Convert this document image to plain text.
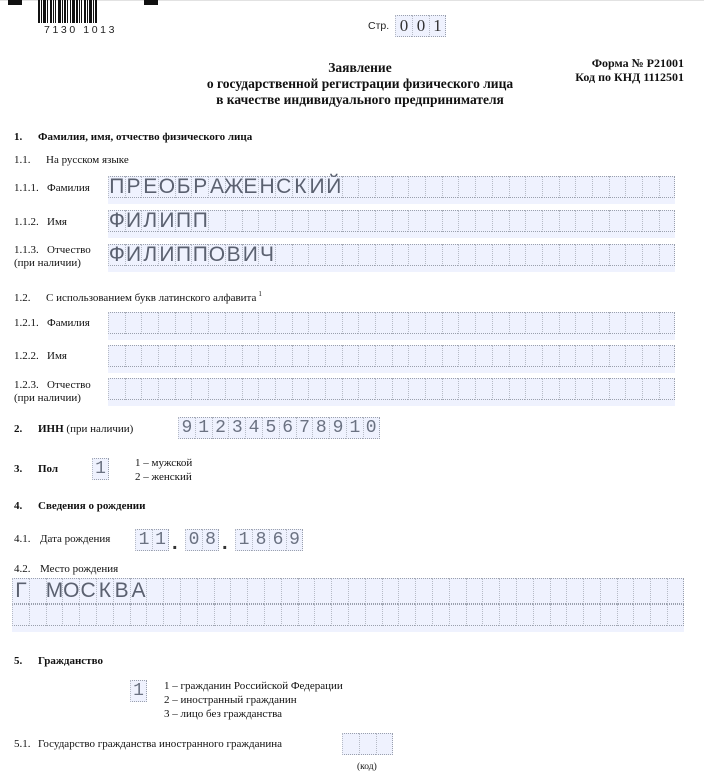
7130 1013	Стр. 0 0 1
Заявление
о государственной регистрации физического лица
в качестве индивидуального предпринимателя
Форма № Р21001
Код по КНД 1112501
1. Фамилия, имя, отчество физического лица
1.1. На русском языке
1.1.1. Фамилия П Р Е О Б Р А Ж Е Н С К И Й
1.1.2. Имя Ф И Л И П П
1.1.3. Отчество
(при наличии) Ф И Л И П П О В И Ч
1.2. С использованием букв латинского алфавита $^1$
1.2.1. Фамилия
1.2.2. Имя
1.2.3. Отчество
(при наличии)
2. ИНН (при наличии)	9 1 2 3 4 5 6 7 8 9 1 0
3. Пол 1	1 – мужской
2 – женский
4. Сведения о рождении
4.1. Дата рождения 1 1 . 0 8 . 1 8 6 9
4.2. Место рождения
Г М О С К В А
5. Гражданство
1 1 – гражданин Российской Федерации
2 – иностранный гражданин
3 – лицо без гражданства
5.1. Государство гражданства иностранного гражданина
(код)
